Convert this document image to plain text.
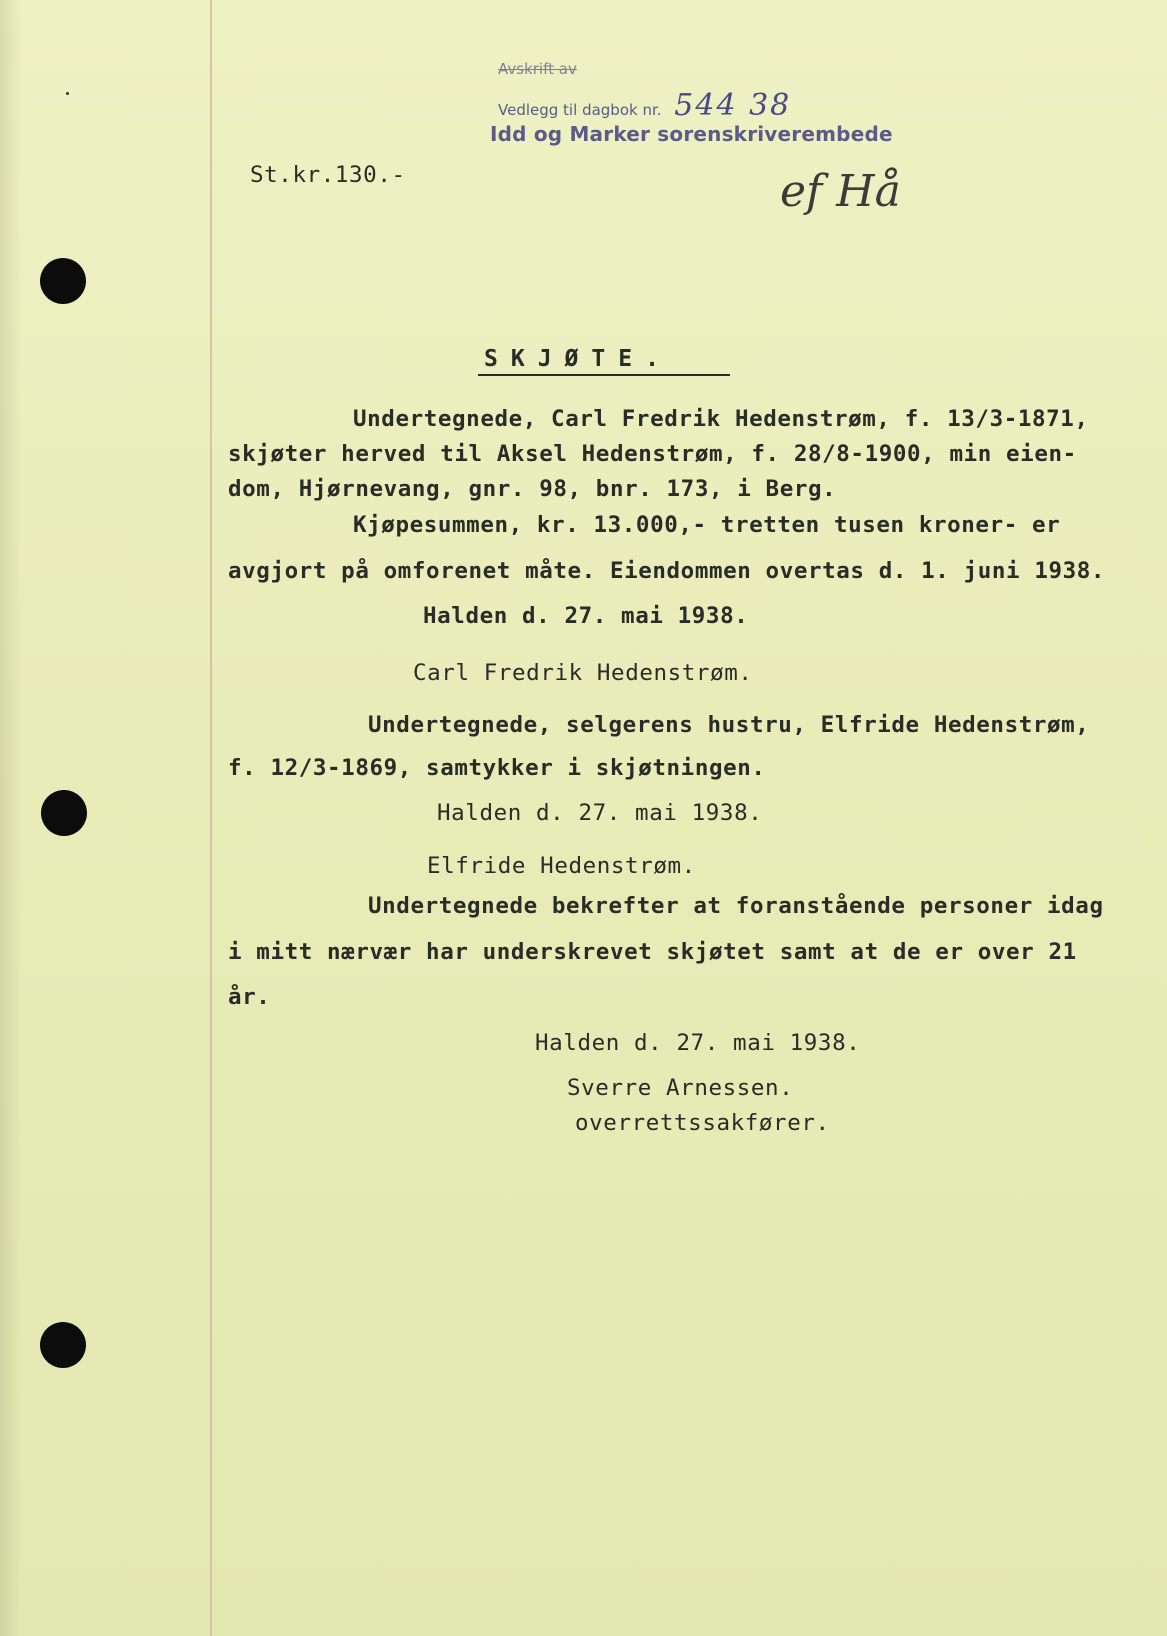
Avskrift av
Vedlegg til dagbok nr. 544 38
Idd og Marker sorenskriverembede
St.kr.130.-	ef Hå
SKJØTE.
Undertegnede, Carl Fredrik Hedenstrøm, f. 13/3-1871,
skjøter herved til Aksel Hedenstrøm, f. 28/8-1900, min eien-
dom, Hjørnevang, gnr. 98, bnr. 173, i Berg.
Kjøpesummen, kr. 13.000,- tretten tusen kroner- er
avgjort på omforenet måte. Eiendommen overtas d. 1. juni 1938.
Halden d. 27. mai 1938.
Carl Fredrik Hedenstrøm.
Undertegnede, selgerens hustru, Elfride Hedenstrøm,
f. 12/3-1869, samtykker i skjøtningen.
Halden d. 27. mai 1938.
Elfride Hedenstrøm.
Undertegnede bekrefter at foranstående personer idag
i mitt nærvær har underskrevet skjøtet samt at de er over 21
år.
Halden d. 27. mai 1938.
Sverre Arnessen.
overrettssakfører.
